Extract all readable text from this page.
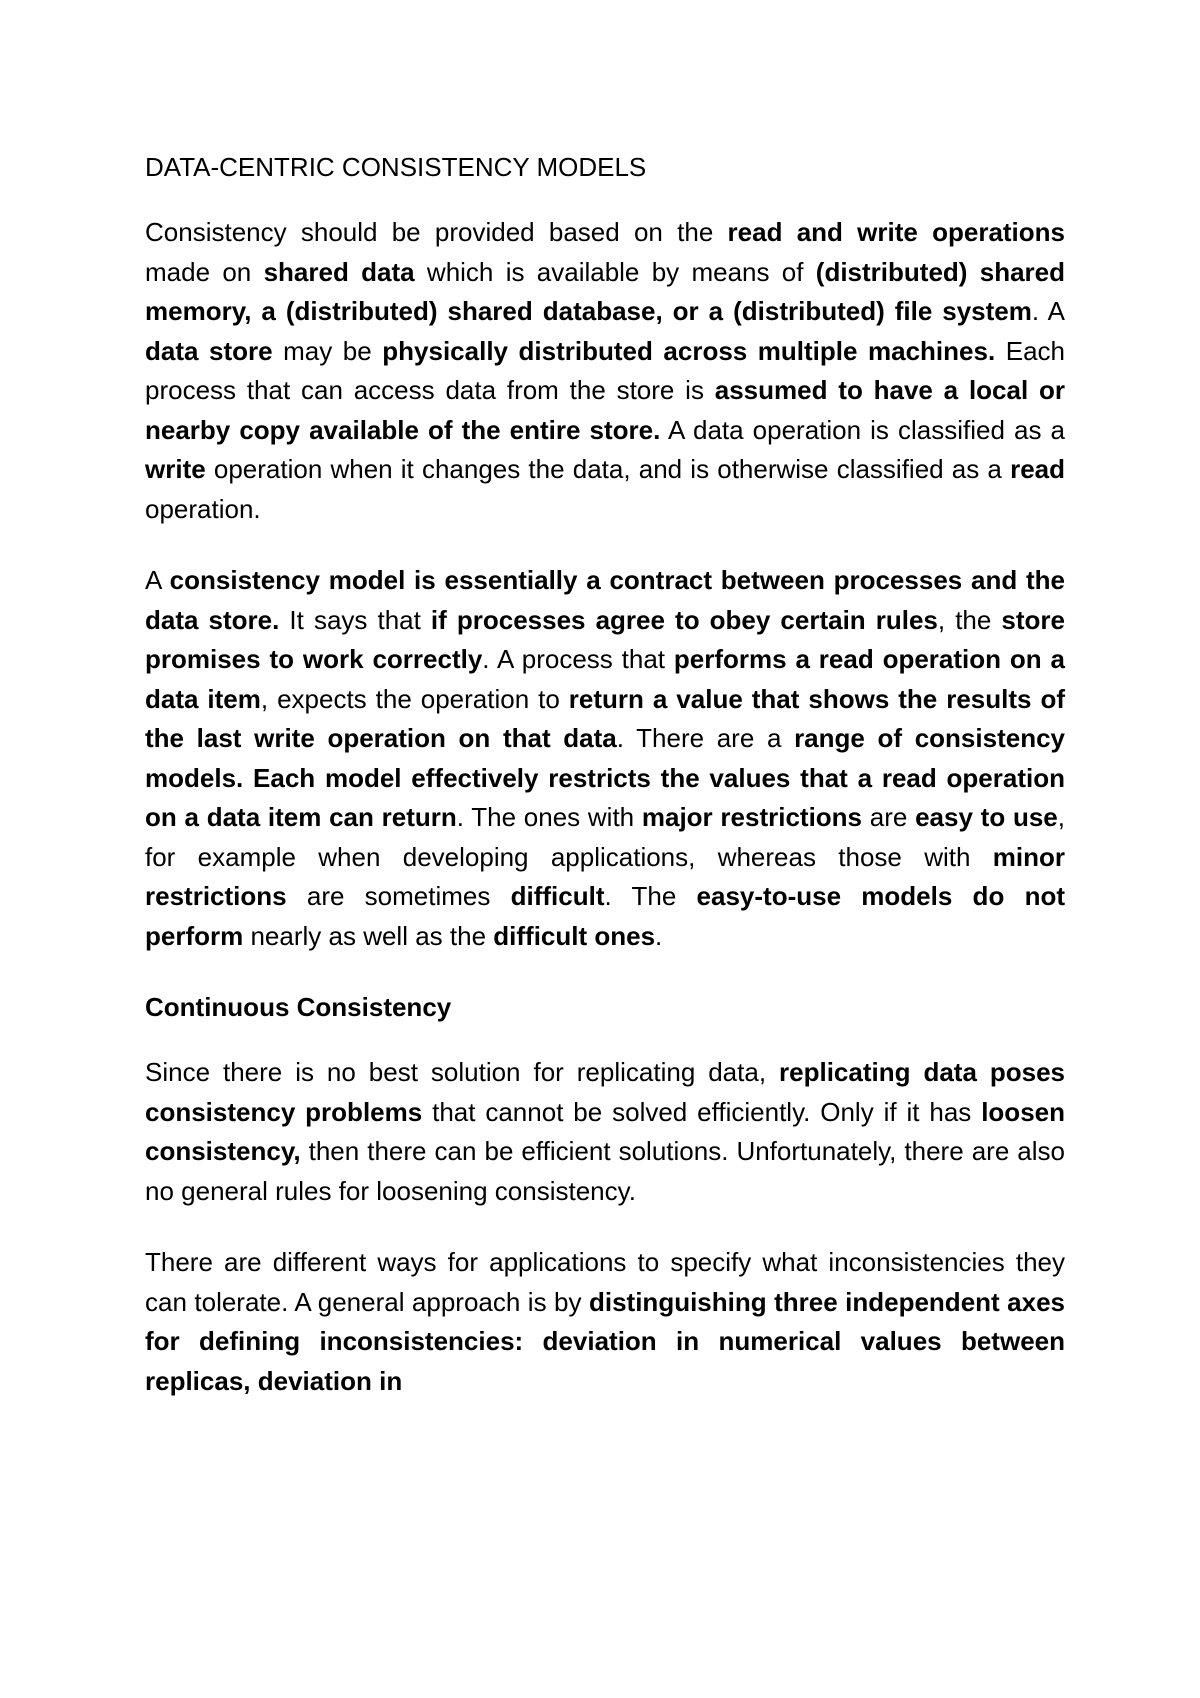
DATA-CENTRIC CONSISTENCY MODELS

Consistency should be provided based on the read and write operations made on shared data which is available by means of (distributed) shared memory, a (distributed) shared database, or a (distributed) file system. A data store may be physically distributed across multiple machines. Each process that can access data from the store is assumed to have a local or nearby copy available of the entire store. A data operation is classified as a write operation when it changes the data, and is otherwise classified as a read operation.

A consistency model is essentially a contract between processes and the data store. It says that if processes agree to obey certain rules, the store promises to work correctly. A process that performs a read operation on a data item, expects the operation to return a value that shows the results of the last write operation on that data. There are a range of consistency models. Each model effectively restricts the values that a read operation on a data item can return. The ones with major restrictions are easy to use, for example when developing applications, whereas those with minor restrictions are sometimes difficult. The easy-to-use models do not perform nearly as well as the difficult ones.

Continuous Consistency

Since there is no best solution for replicating data, replicating data poses consistency problems that cannot be solved efficiently. Only if it has loosen consistency, then there can be efficient solutions. Unfortunately, there are also no general rules for loosening consistency.

There are different ways for applications to specify what inconsistencies they can tolerate. A general approach is by distinguishing three independent axes for defining inconsistencies: deviation in numerical values between replicas, deviation in
